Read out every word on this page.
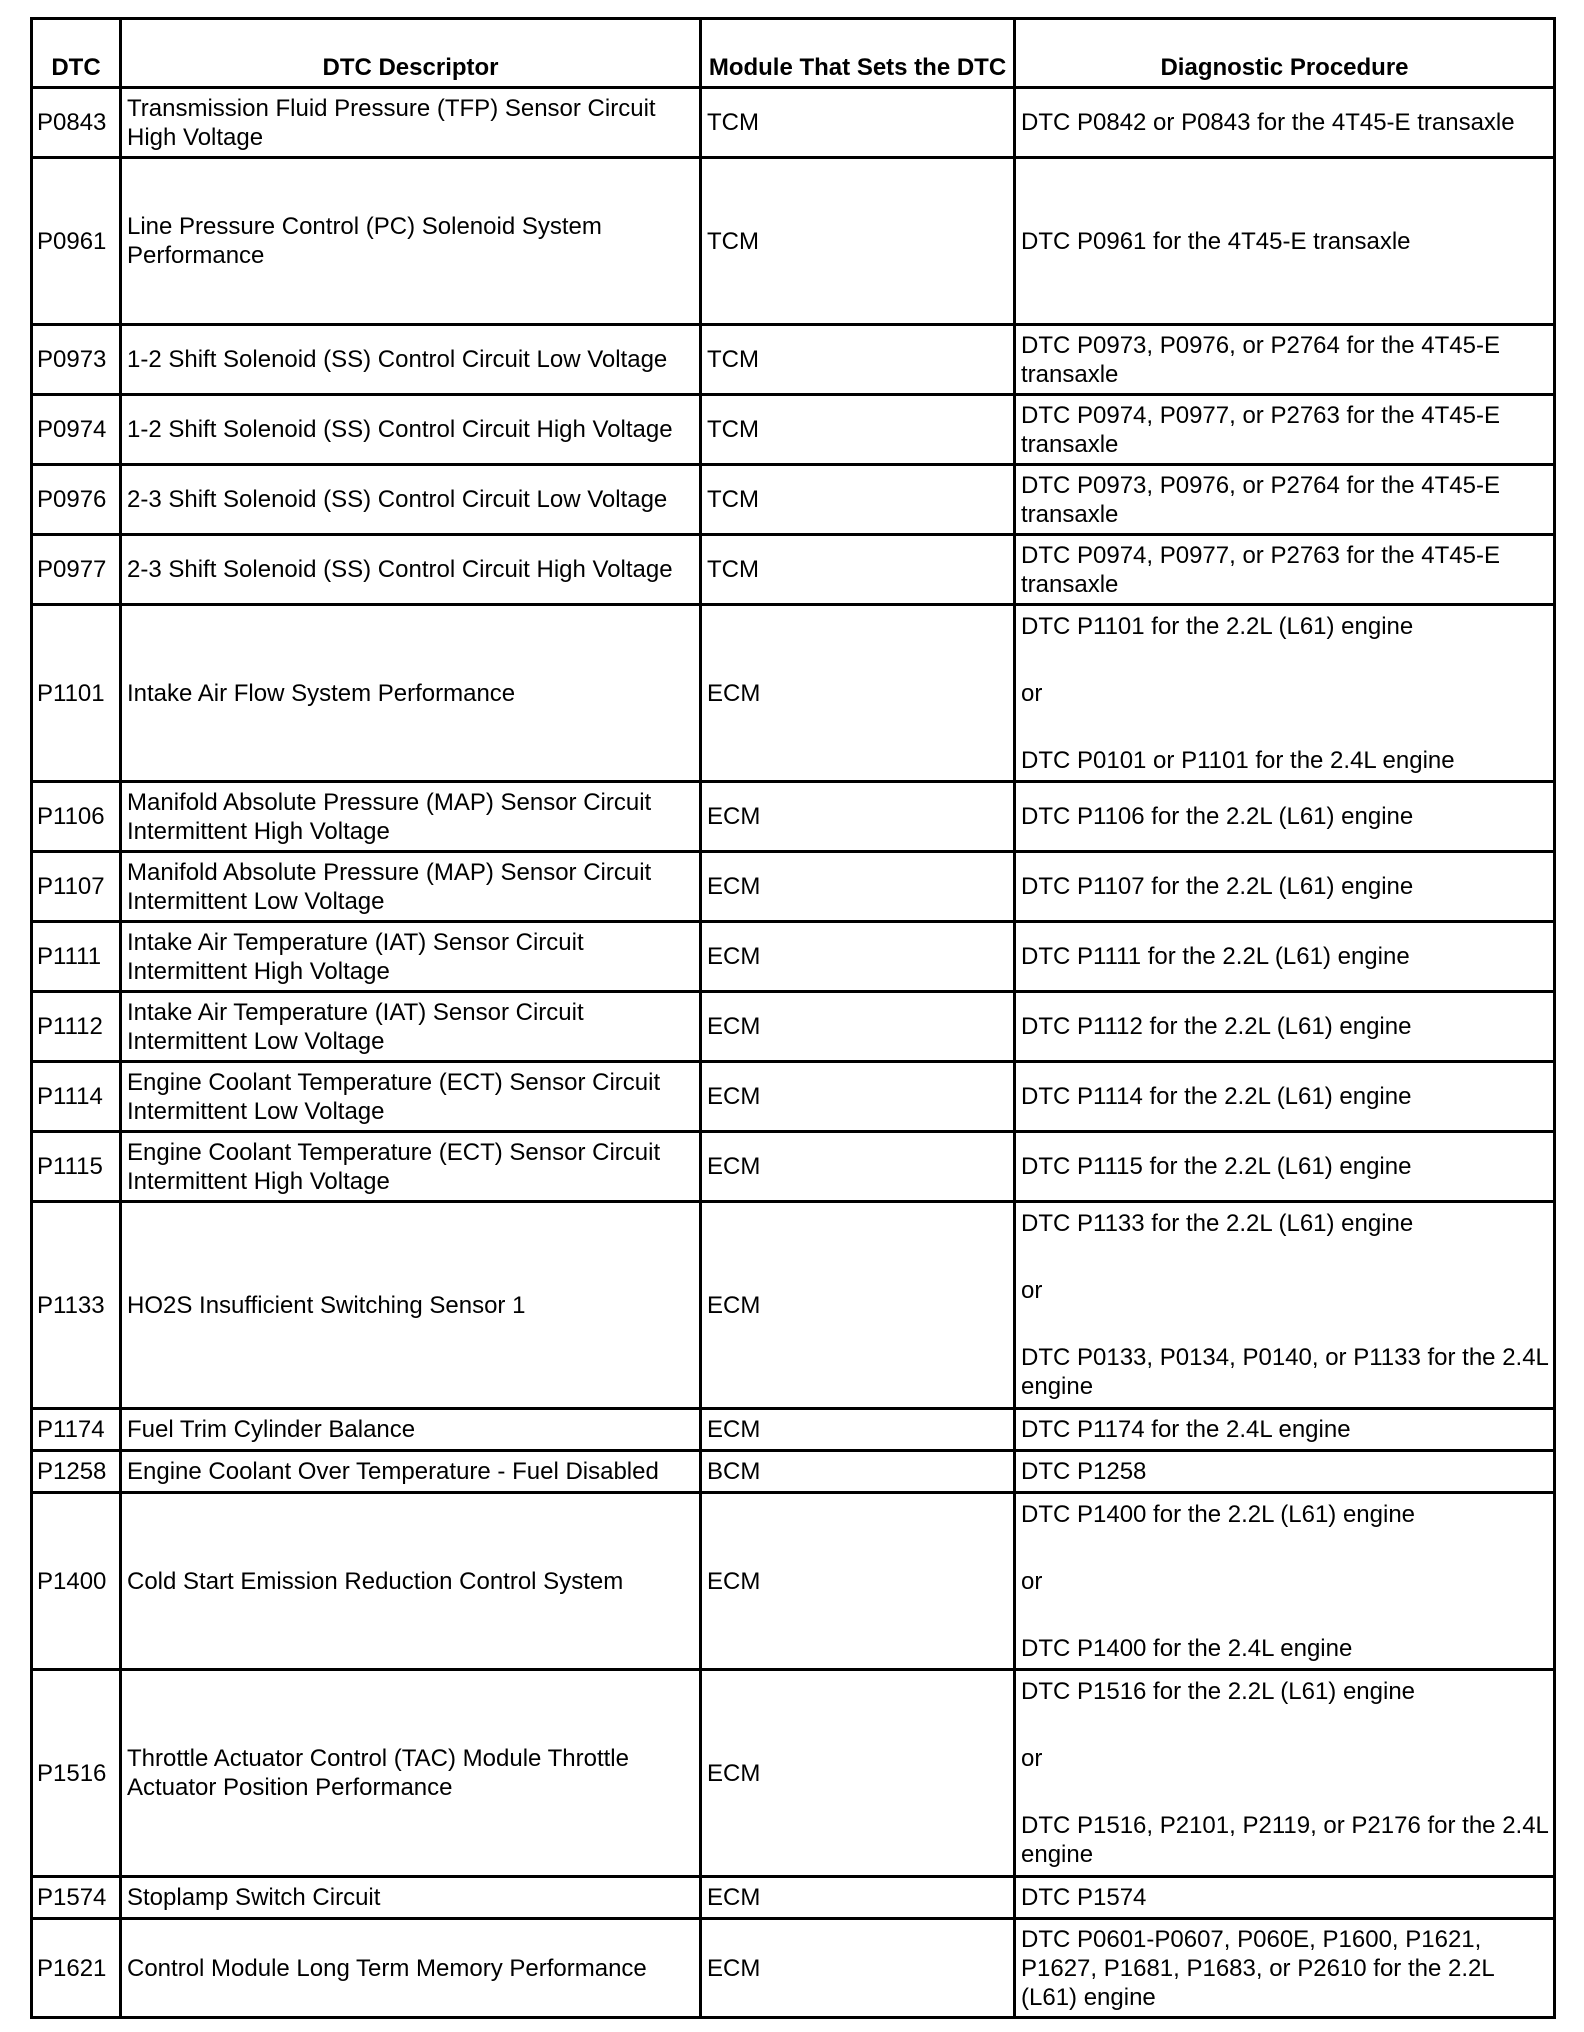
DTC	DTC Descriptor	Module That Sets the DTC	Diagnostic Procedure
P0843	Transmission Fluid Pressure (TFP) Sensor Circuit High Voltage	TCM	DTC P0842 or P0843 for the 4T45-E transaxle

P0961	Line Pressure Control (PC) Solenoid System Performance	TCM	DTC P0961 for the 4T45-E transaxle

P0973	1-2 Shift Solenoid (SS) Control Circuit Low Voltage	TCM	DTC P0973, P0976, or P2764 for the 4T45-E transaxle

P0974	1-2 Shift Solenoid (SS) Control Circuit High Voltage	TCM	DTC P0974, P0977, or P2763 for the 4T45-E transaxle

P0976	2-3 Shift Solenoid (SS) Control Circuit Low Voltage	TCM	DTC P0973, P0976, or P2764 for the 4T45-E transaxle

P0977	2-3 Shift Solenoid (SS) Control Circuit High Voltage	TCM	DTC P0974, P0977, or P2763 for the 4T45-E transaxle

P1101	Intake Air Flow System Performance	ECM	DTC P1101 for the 2.2L (L61) engine
or
DTC P0101 or P1101 for the 2.4L engine

P1106	Manifold Absolute Pressure (MAP) Sensor Circuit Intermittent High Voltage	ECM	DTC P1106 for the 2.2L (L61) engine

P1107	Manifold Absolute Pressure (MAP) Sensor Circuit Intermittent Low Voltage	ECM	DTC P1107 for the 2.2L (L61) engine

P1111	Intake Air Temperature (IAT) Sensor Circuit Intermittent High Voltage	ECM	DTC P1111 for the 2.2L (L61) engine

P1112	Intake Air Temperature (IAT) Sensor Circuit Intermittent Low Voltage	ECM	DTC P1112 for the 2.2L (L61) engine

P1114	Engine Coolant Temperature (ECT) Sensor Circuit Intermittent Low Voltage	ECM	DTC P1114 for the 2.2L (L61) engine

P1115	Engine Coolant Temperature (ECT) Sensor Circuit Intermittent High Voltage	ECM	DTC P1115 for the 2.2L (L61) engine

P1133	HO2S Insufficient Switching Sensor 1	ECM	DTC P1133 for the 2.2L (L61) engine
or
DTC P0133, P0134, P0140, or P1133 for the 2.4L engine

P1174	Fuel Trim Cylinder Balance	ECM	DTC P1174 for the 2.4L engine

P1258	Engine Coolant Over Temperature - Fuel Disabled	BCM	DTC P1258

P1400	Cold Start Emission Reduction Control System	ECM	DTC P1400 for the 2.2L (L61) engine
or
DTC P1400 for the 2.4L engine

P1516	Throttle Actuator Control (TAC) Module Throttle Actuator Position Performance	ECM	DTC P1516 for the 2.2L (L61) engine
or
DTC P1516, P2101, P2119, or P2176 for the 2.4L engine

P1574	Stoplamp Switch Circuit	ECM	DTC P1574

P1621	Control Module Long Term Memory Performance	ECM	DTC P0601-P0607, P060E, P1600, P1621, P1627, P1681, P1683, or P2610 for the 2.2L (L61) engine
